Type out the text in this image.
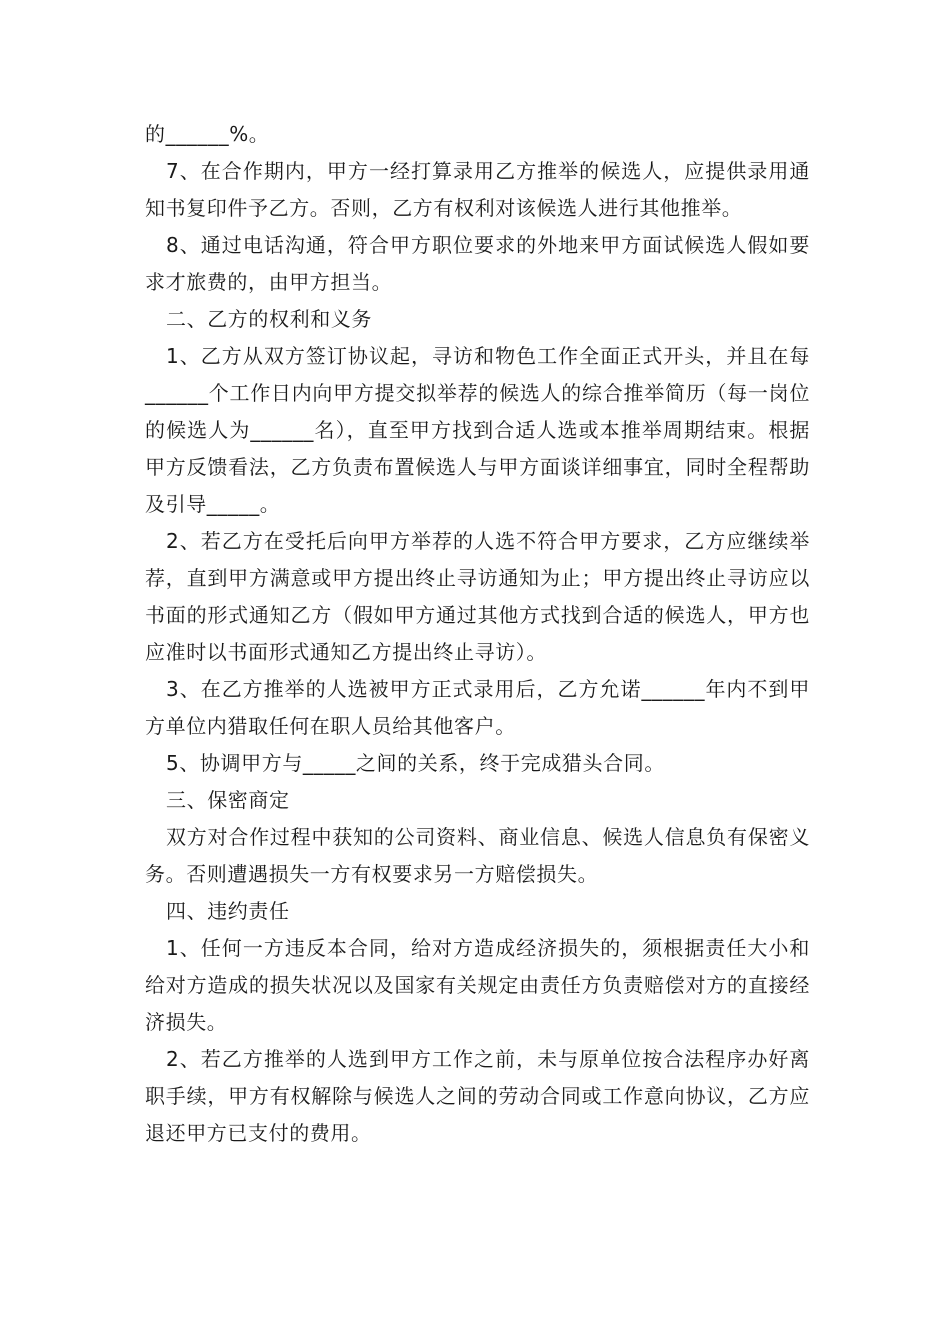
的______%。

7、在合作期内，甲方一经打算录用乙方推举的候选人，应提供录用通知书复印件予乙方。否则，乙方有权利对该候选人进行其他推举。

8、通过电话沟通，符合甲方职位要求的外地来甲方面试候选人假如要求才旅费的，由甲方担当。

二、乙方的权利和义务

1、乙方从双方签订协议起，寻访和物色工作全面正式开头，并且在每______个工作日内向甲方提交拟举荐的候选人的综合推举简历（每一岗位的候选人为______名），直至甲方找到合适人选或本推举周期结束。根据甲方反馈看法，乙方负责布置候选人与甲方面谈详细事宜，同时全程帮助及引导_____。

2、若乙方在受托后向甲方举荐的人选不符合甲方要求，乙方应继续举荐，直到甲方满意或甲方提出终止寻访通知为止；甲方提出终止寻访应以书面的形式通知乙方（假如甲方通过其他方式找到合适的候选人，甲方也应准时以书面形式通知乙方提出终止寻访）。

3、在乙方推举的人选被甲方正式录用后，乙方允诺______年内不到甲方单位内猎取任何在职人员给其他客户。

5、协调甲方与_____之间的关系，终于完成猎头合同。

三、保密商定

双方对合作过程中获知的公司资料、商业信息、候选人信息负有保密义务。否则遭遇损失一方有权要求另一方赔偿损失。

四、违约责任

1、任何一方违反本合同，给对方造成经济损失的，须根据责任大小和给对方造成的损失状况以及国家有关规定由责任方负责赔偿对方的直接经济损失。

2、若乙方推举的人选到甲方工作之前，未与原单位按合法程序办好离职手续，甲方有权解除与候选人之间的劳动合同或工作意向协议，乙方应退还甲方已支付的费用。
